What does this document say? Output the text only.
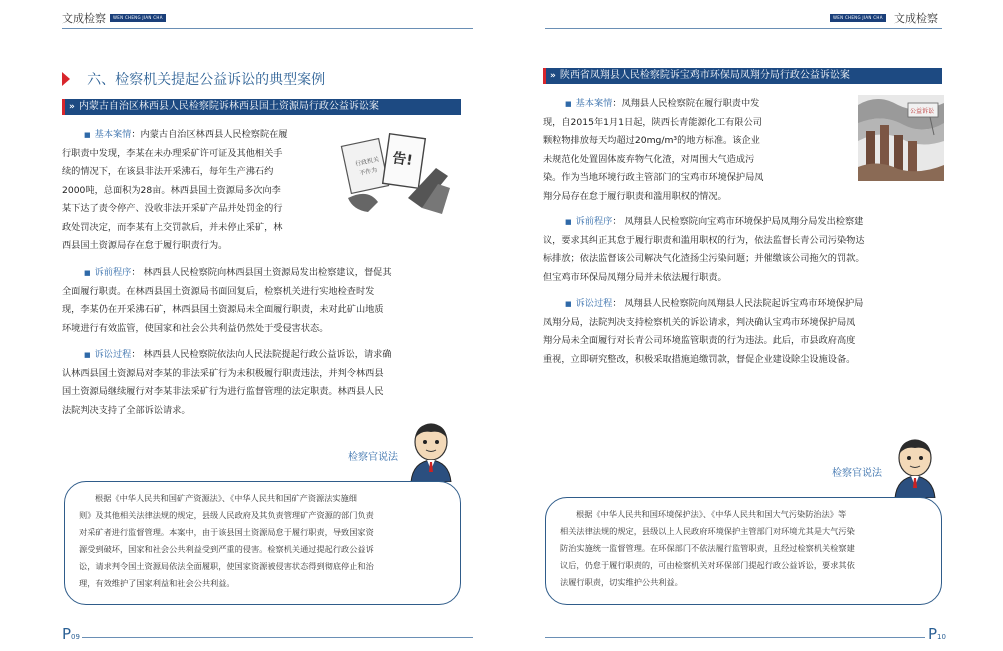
文成检察	WEN CHENG JIAN CHA	WEN CHENG JIAN CHA 文成检察
六、检察机关提起公益诉讼的典型案例
» 内蒙古自治区林西县人民检察院诉林西县国土资源局行政公益诉讼案
■ 基本案情：内蒙古自治区林西县人民检察院在履
行职责中发现，李某在未办理采矿许可证及其他相关手
续的情况下，在该县非法开采沸石，每年生产沸石约
2000吨，总面积为28亩。林西县国土资源局多次向李
某下达了责令停产、没收非法开采矿产品并处罚金的行
政处罚决定，而李某有上交罚款后，并未停止采矿，林
西县国土资源局存在怠于履行职责行为。
行政机关
不作为
告!
■ 诉前程序： 林西县人民检察院向林西县国土资源局发出检察建议，督促其
全面履行职责。在林西县国土资源局书面回复后，检察机关进行实地检查时发
现，李某仍在开采沸石矿，林西县国土资源局未全面履行职责，未对此矿山地质
环境进行有效监管，使国家和社会公共利益仍然处于受侵害状态。
■ 诉讼过程： 林西县人民检察院依法向人民法院提起行政公益诉讼，请求确
认林西县国土资源局对李某的非法采矿行为未积极履行职责违法，并判令林西县
国土资源局继续履行对李某非法采矿行为进行监督管理的法定职责。林西县人民
法院判决支持了全部诉讼请求。
检察官说法
根据《中华人民共和国矿产资源法》、《中华人民共和国矿产资源法实施细
则》及其他相关法律法规的规定，县级人民政府及其负责管理矿产资源的部门负责
对采矿者进行监督管理。本案中，由于该县国土资源局怠于履行职责，导致国家资
源受到破坏，国家和社会公共利益受到严重的侵害。检察机关通过提起行政公益诉
讼，请求判令国土资源局依法全面履职，使国家资源被侵害状态得到彻底停止和治
理，有效维护了国家利益和社会公共利益。
P09
» 陕西省凤翔县人民检察院诉宝鸡市环保局凤翔分局行政公益诉讼案
■ 基本案情：凤翔县人民检察院在履行职责中发
现，自2015年1月1日起，陕西长青能源化工有限公司
颗粒物排放每天均超过20mg/m³的地方标准。该企业
未规范化处置固体废弃物气化渣，对周围大气造成污
染。作为当地环境行政主管部门的宝鸡市环境保护局凤
翔分局存在怠于履行职责和滥用职权的情况。
公益诉讼
■ 诉前程序： 凤翔县人民检察院向宝鸡市环境保护局凤翔分局发出检察建
议，要求其纠正其怠于履行职责和滥用职权的行为，依法监督长青公司污染物达
标排放；依法监督该公司解决气化渣扬尘污染问题；并催缴该公司拖欠的罚款。
但宝鸡市环保局凤翔分局并未依法履行职责。
■ 诉讼过程： 凤翔县人民检察院向凤翔县人民法院起诉宝鸡市环境保护局
凤翔分局，法院判决支持检察机关的诉讼请求，判决确认宝鸡市环境保护局凤
翔分局未全面履行对长青公司环境监管职责的行为违法。此后，市县政府高度
重视，立即研究整改，积极采取措施追缴罚款，督促企业建设除尘设施设备。
检察官说法
根据《中华人民共和国环境保护法》、《中华人民共和国大气污染防治法》等
相关法律法规的规定，县级以上人民政府环境保护主管部门对环境尤其是大气污染
防治实施统一监督管理。在环保部门不依法履行监管职责，且经过检察机关检察建
议后，仍怠于履行职责的，可由检察机关对环保部门提起行政公益诉讼，要求其依
法履行职责，切实维护公共利益。
P10
